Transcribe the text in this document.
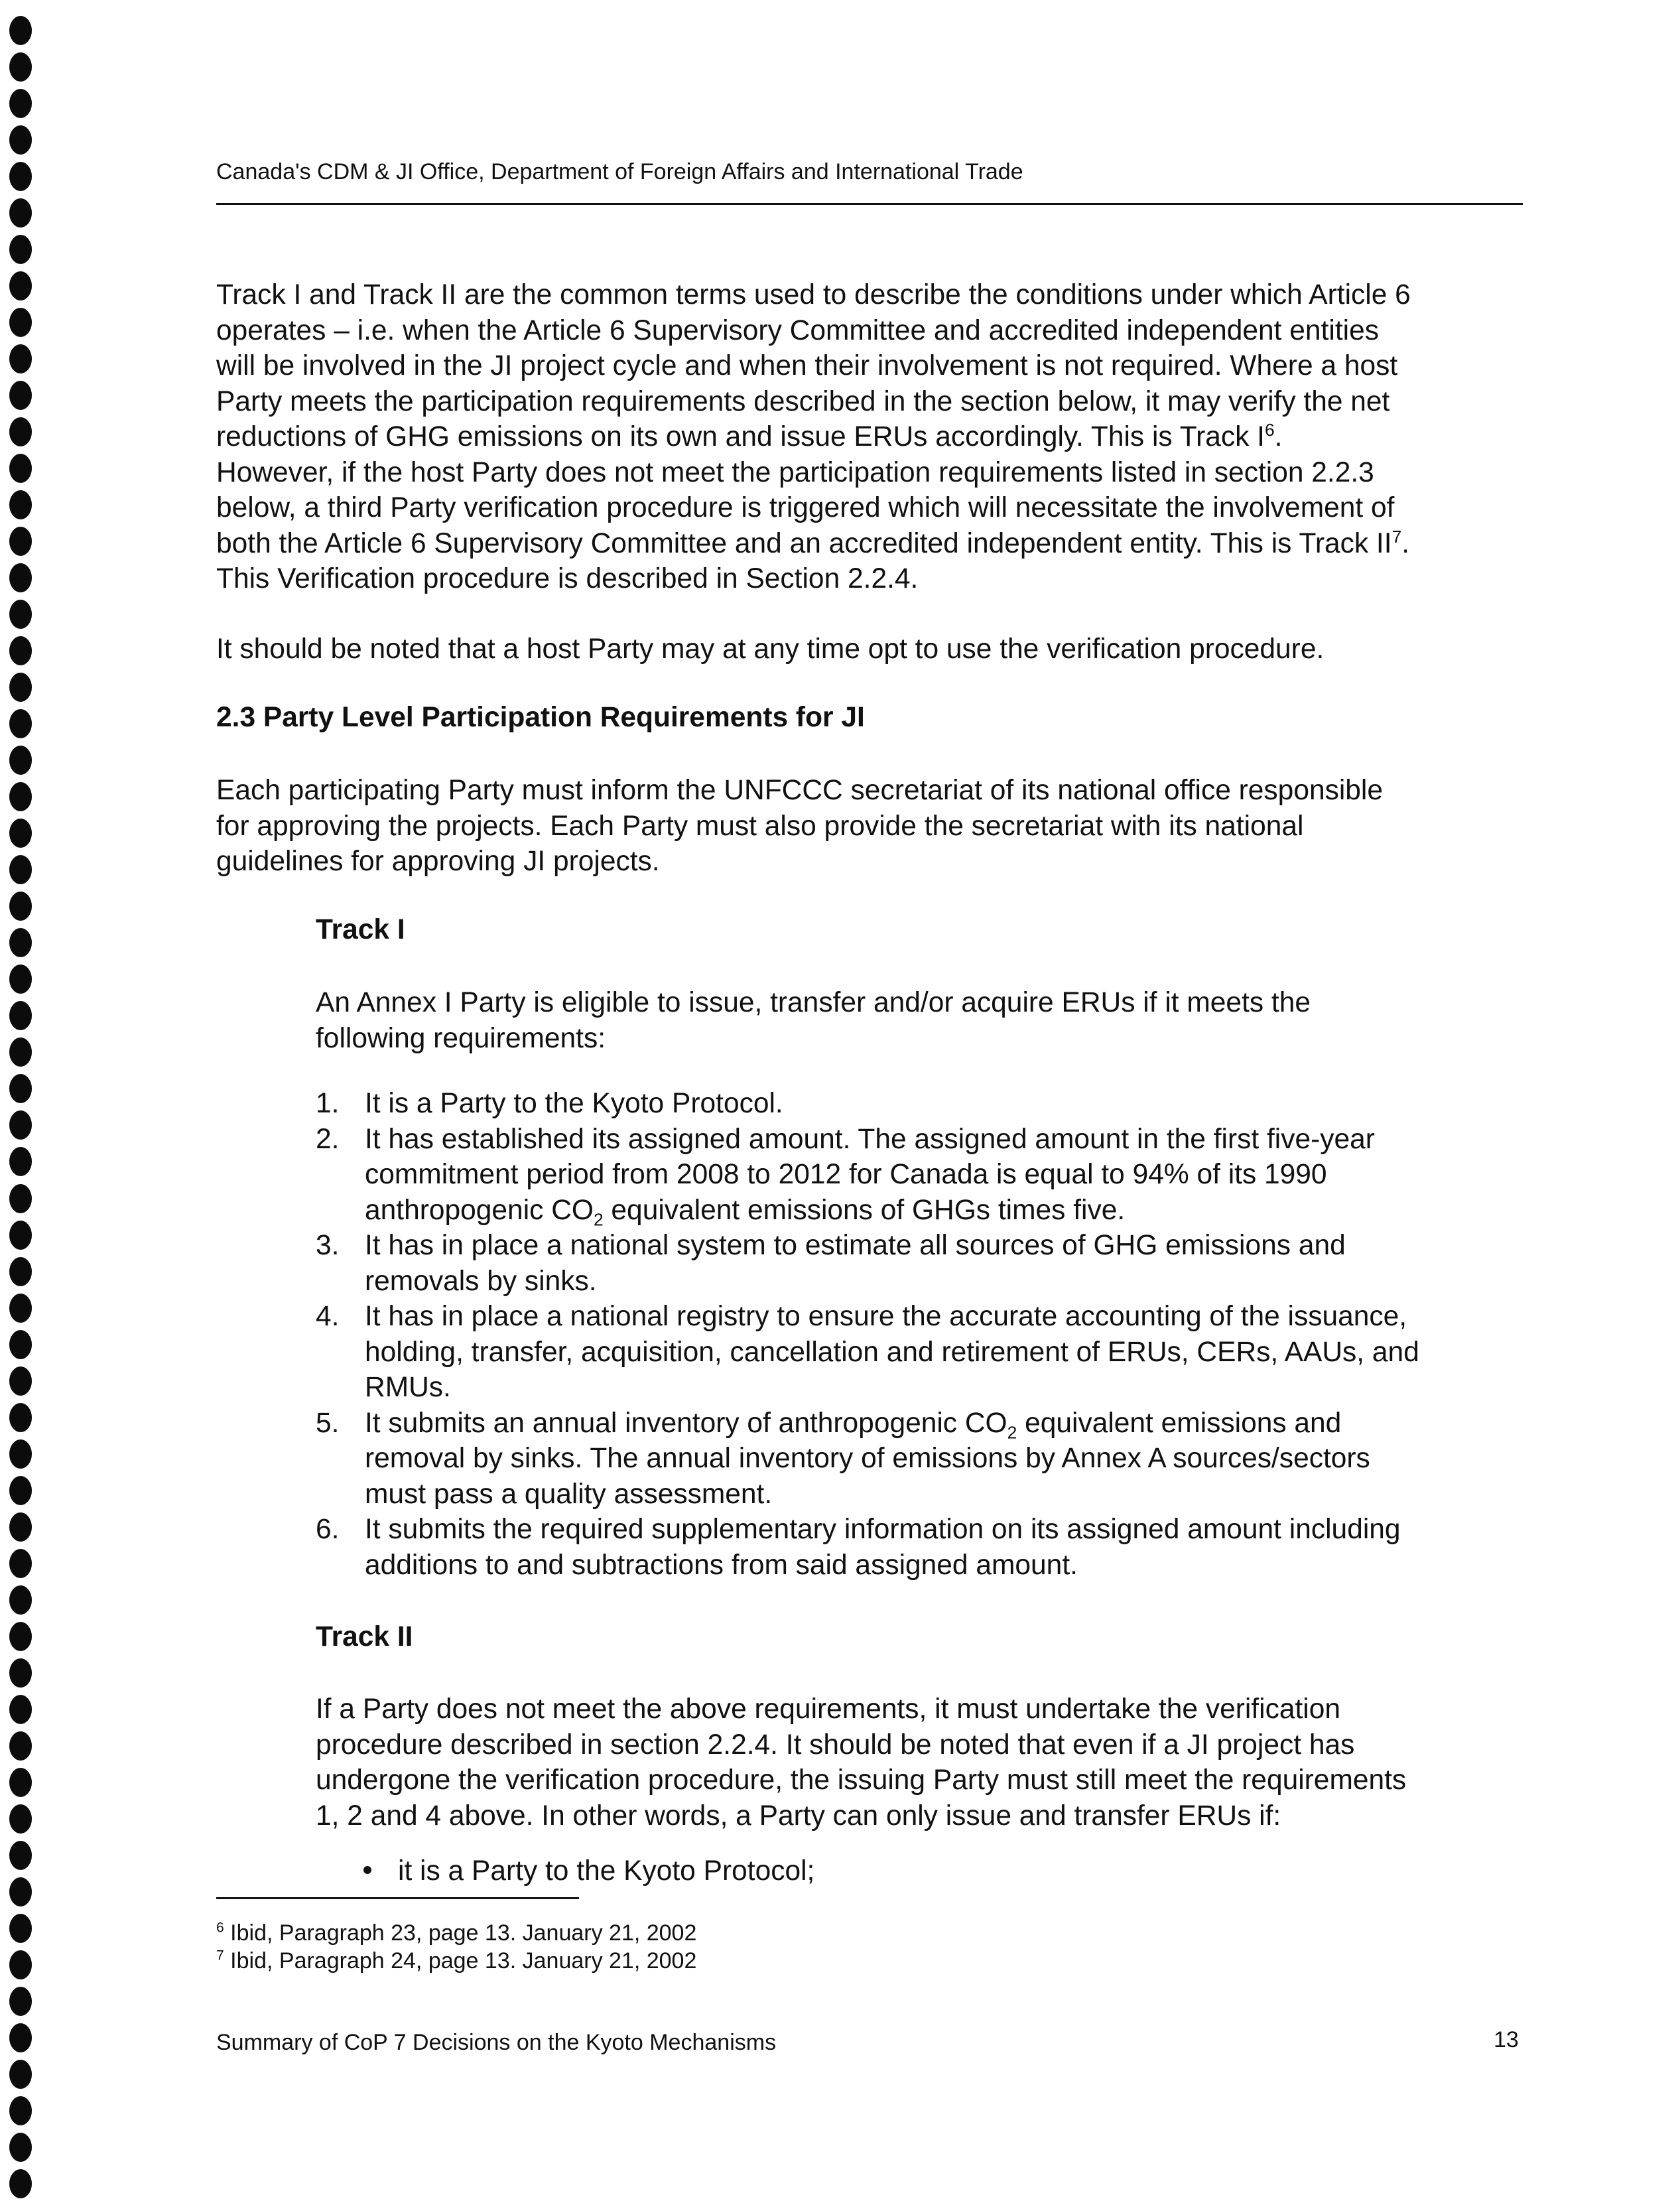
Canada's CDM & JI Office, Department of Foreign Affairs and International Trade
Track I and Track II are the common terms used to describe the conditions under which Article 6
operates – i.e. when the Article 6 Supervisory Committee and accredited independent entities
will be involved in the JI project cycle and when their involvement is not required. Where a host
Party meets the participation requirements described in the section below, it may verify the net
reductions of GHG emissions on its own and issue ERUs accordingly. This is Track $I^6$.
However, if the host Party does not meet the participation requirements listed in section 2.2.3
below, a third Party verification procedure is triggered which will necessitate the involvement of
both the Article 6 Supervisory Committee and an accredited independent entity. This is Track $II^7$.
This Verification procedure is described in Section 2.2.4.
It should be noted that a host Party may at any time opt to use the verification procedure.
2.3 Party Level Participation Requirements for JI
Each participating Party must inform the UNFCCC secretariat of its national office responsible
for approving the projects. Each Party must also provide the secretariat with its national
guidelines for approving JI projects.
Track I
An Annex I Party is eligible to issue, transfer and/or acquire ERUs if it meets the
following requirements:
1. It is a Party to the Kyoto Protocol.
2. It has established its assigned amount. The assigned amount in the first five-year
commitment period from 2008 to 2012 for Canada is equal to 94% of its 1990
anthropogenic $CO_2$ equivalent emissions of GHGs times five.
3. It has in place a national system to estimate all sources of GHG emissions and
removals by sinks.
4. It has in place a national registry to ensure the accurate accounting of the issuance,
holding, transfer, acquisition, cancellation and retirement of ERUs, CERs, AAUs, and
RMUs.
5. It submits an annual inventory of anthropogenic $CO_2$ equivalent emissions and
removal by sinks. The annual inventory of emissions by Annex A sources/sectors
must pass a quality assessment.
6. It submits the required supplementary information on its assigned amount including
additions to and subtractions from said assigned amount.
Track II
If a Party does not meet the above requirements, it must undertake the verification
procedure described in section 2.2.4. It should be noted that even if a JI project has
undergone the verification procedure, the issuing Party must still meet the requirements
1, 2 and 4 above. In other words, a Party can only issue and transfer ERUs if:
it is a Party to the Kyoto Protocol;
$^6$ Ibid, Paragraph 23, page 13. January 21, 2002
$^7$ Ibid, Paragraph 24, page 13. January 21, 2002
Summary of CoP 7 Decisions on the Kyoto Mechanisms	13
